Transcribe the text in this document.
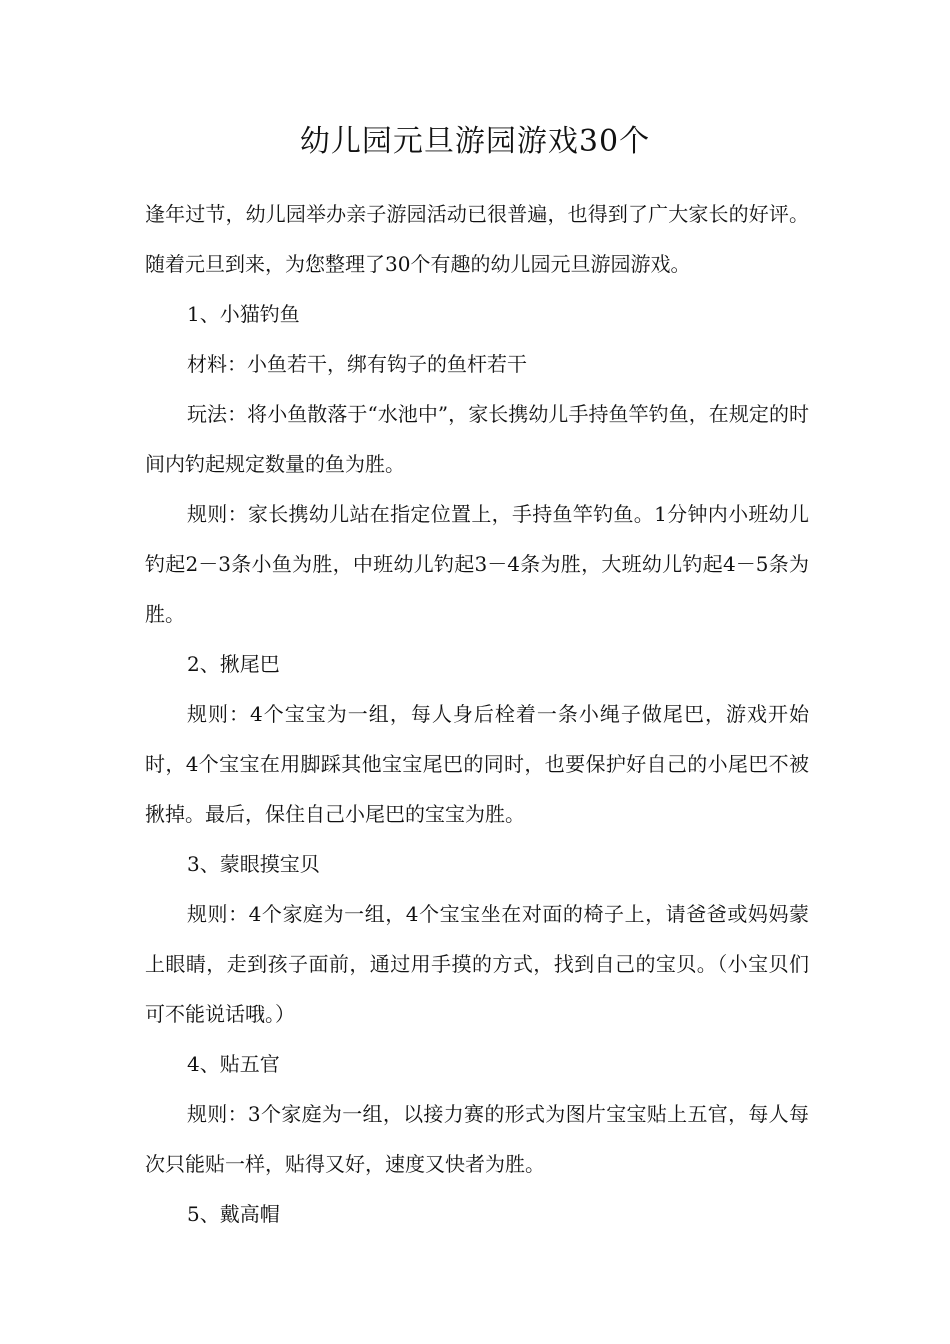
幼儿园元旦游园游戏30个

逢年过节，幼儿园举办亲子游园活动已很普遍，也得到了广大家长的好评。随着元旦到来，为您整理了30个有趣的幼儿园元旦游园游戏。

1、小猫钓鱼

材料：小鱼若干，绑有钩子的鱼杆若干

玩法：将小鱼散落于“水池中”，家长携幼儿手持鱼竿钓鱼，在规定的时间内钓起规定数量的鱼为胜。

规则：家长携幼儿站在指定位置上，手持鱼竿钓鱼。1分钟内小班幼儿钓起2－3条小鱼为胜，中班幼儿钓起3－4条为胜，大班幼儿钓起4－5条为胜。

2、揪尾巴

规则：4个宝宝为一组，每人身后栓着一条小绳子做尾巴，游戏开始时，4个宝宝在用脚踩其他宝宝尾巴的同时，也要保护好自己的小尾巴不被揪掉。最后，保住自己小尾巴的宝宝为胜。

3、蒙眼摸宝贝

规则：4个家庭为一组，4个宝宝坐在对面的椅子上，请爸爸或妈妈蒙上眼睛，走到孩子面前，通过用手摸的方式，找到自己的宝贝。（小宝贝们可不能说话哦。）

4、贴五官

规则：3个家庭为一组，以接力赛的形式为图片宝宝贴上五官，每人每次只能贴一样，贴得又好，速度又快者为胜。

5、戴高帽
